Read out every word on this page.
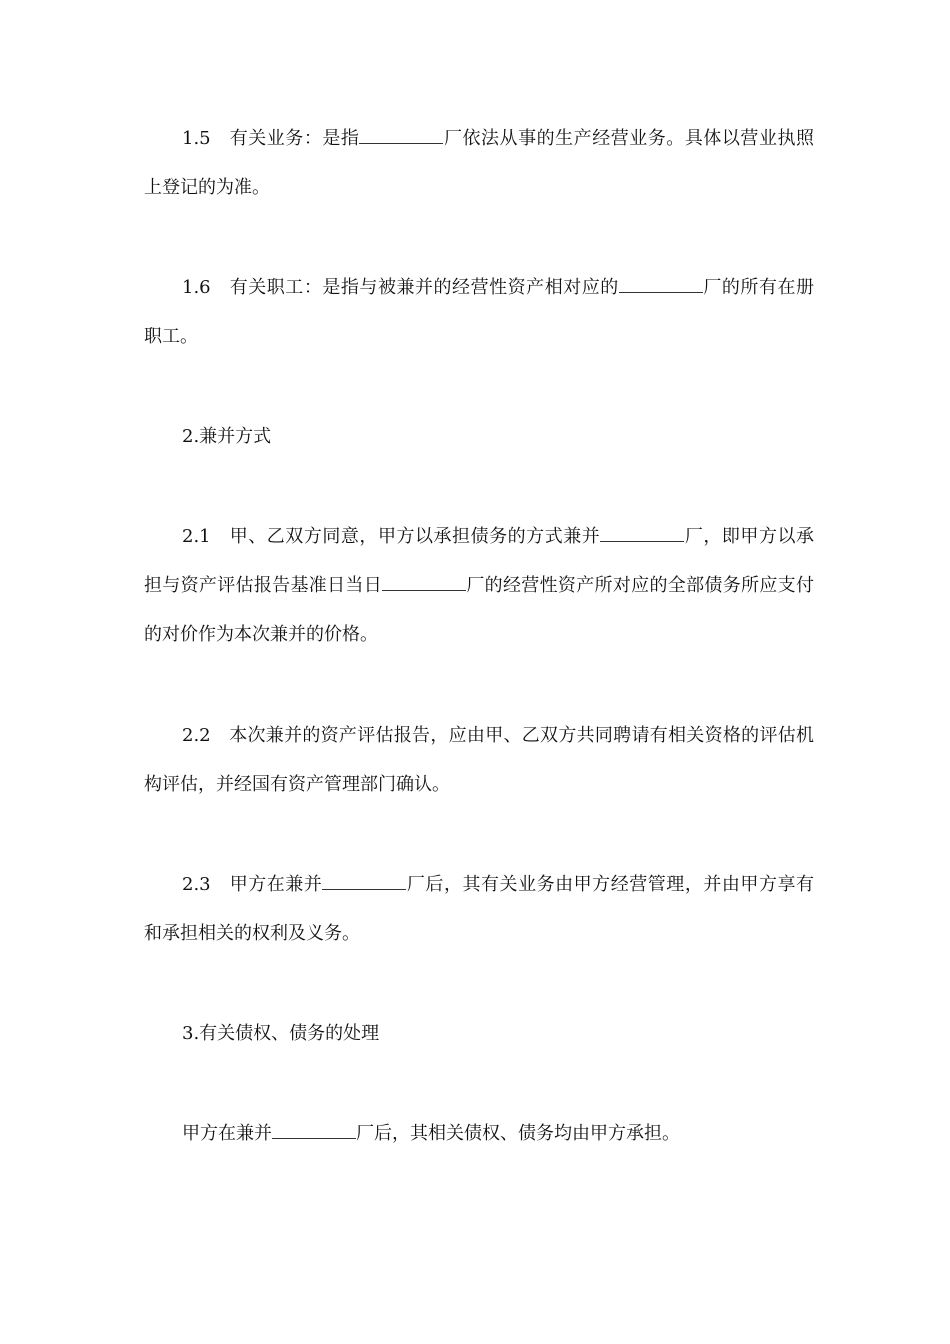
1.5　 有关业务：是指	厂依法从事的生产经营业务。具体以营业执照上登记的为准。

1.6　 有关职工：是指与被兼并的经营性资产相对应的	厂的所有在册职工。

2.兼并方式

2.1　 甲、乙双方同意，甲方以承担债务的方式兼并	厂，即甲方以承担与资产评估报告基准日当日	厂的经营性资产所对应的全部债务所应支付的对价作为本次兼并的价格。

2.2　 本次兼并的资产评估报告，应由甲、乙双方共同聘请有相关资格的评估机构评估，并经国有资产管理部门确认。

2.3　 甲方在兼并	厂后，其有关业务由甲方经营管理，并由甲方享有和承担相关的权利及义务。

3.有关债权、债务的处理

甲方在兼并	厂后，其相关债权、债务均由甲方承担。
